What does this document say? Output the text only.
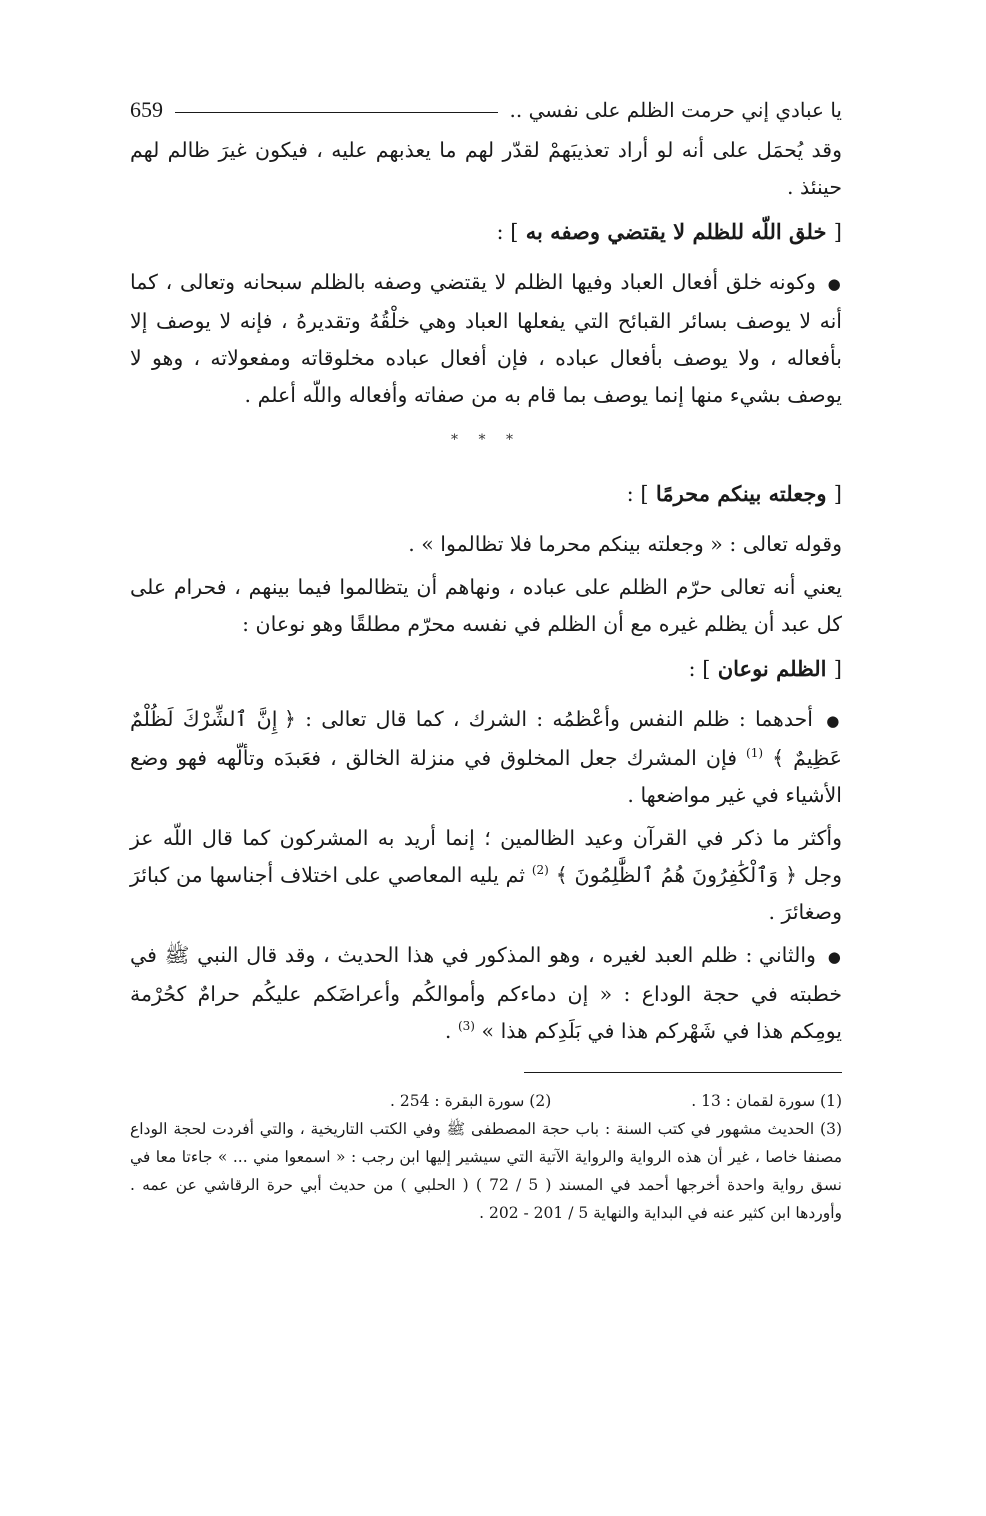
يا عبادي إني حرمت الظلم على نفسي ..
659

وقد يُحمَل على أنه لو أراد تعذيبَهمْ لقدّر لهم ما يعذبهم عليه ، فيكون غيرَ ظالم لهم حينئذ .

[ خلق اللّه للظلم لا يقتضي وصفه به ] :

● وكونه خلق أفعال العباد وفيها الظلم لا يقتضي وصفه بالظلم سبحانه وتعالى ، كما أنه لا يوصف بسائر القبائح التي يفعلها العباد وهي خلْقُهُ وتقديرهُ ، فإنه لا يوصف إلا بأفعاله ، ولا يوصف بأفعال عباده ، فإن أفعال عباده مخلوقاته ومفعولاته ، وهو لا يوصف بشيء منها إنما يوصف بما قام به من صفاته وأفعاله واللّه أعلم .

* * *
[ وجعلته بينكم محرمًا ] :

وقوله تعالى : « وجعلته بينكم محرما فلا تظالموا » .

يعني أنه تعالى حرّم الظلم على عباده ، ونهاهم أن يتظالموا فيما بينهم ، فحرام على كل عبد أن يظلم غيره مع أن الظلم في نفسه محرّم مطلقًا وهو نوعان :

[ الظلم نوعان ] :

● أحدهما : ظلم النفس وأعْظمُه : الشرك ، كما قال تعالى : ﴿ إِنَّ ٱلشِّرْكَ لَظُلْمٌ عَظِيمٌ ﴾ $^{(1)}$ فإن المشرك جعل المخلوق في منزلة الخالق ، فعَبدَه وتألّهه فهو وضع الأشياء في غير مواضعها .

وأكثر ما ذكر في القرآن وعيد الظالمين ؛ إنما أريد به المشركون كما قال اللّه عز وجل ﴿ وَٱلْكَٰفِرُونَ هُمُ ٱلظَّٰلِمُونَ ﴾ $^{(2)}$ ثم يليه المعاصي على اختلاف أجناسها من كبائرَ وصغائرَ .

● والثاني : ظلم العبد لغيره ، وهو المذكور في هذا الحديث ، وقد قال النبي ﷺ في خطبته في حجة الوداع : « إن دماءكم وأموالكُم وأعراضَكم عليكُم حرامٌ كحُرْمة يومِكم هذا في شَهْركم هذا في بَلَدِكم هذا » $^{(3)}$ .

(1) سورة لقمان : 13 .
(2) سورة البقرة : 254 .

(3) الحديث مشهور في كتب السنة : باب حجة المصطفى ﷺ وفي الكتب التاريخية ، والتي أفردت لحجة الوداع مصنفا خاصا ، غير أن هذه الرواية والرواية الآتية التي سيشير إليها ابن رجب : « اسمعوا مني ... » جاءتا معا في نسق رواية واحدة أخرجها أحمد في المسند ( 5 / 72 ) ( الحلبي ) من حديث أبي حرة الرقاشي عن عمه . وأوردها ابن كثير عنه في البداية والنهاية 5 / 201 - 202 .
